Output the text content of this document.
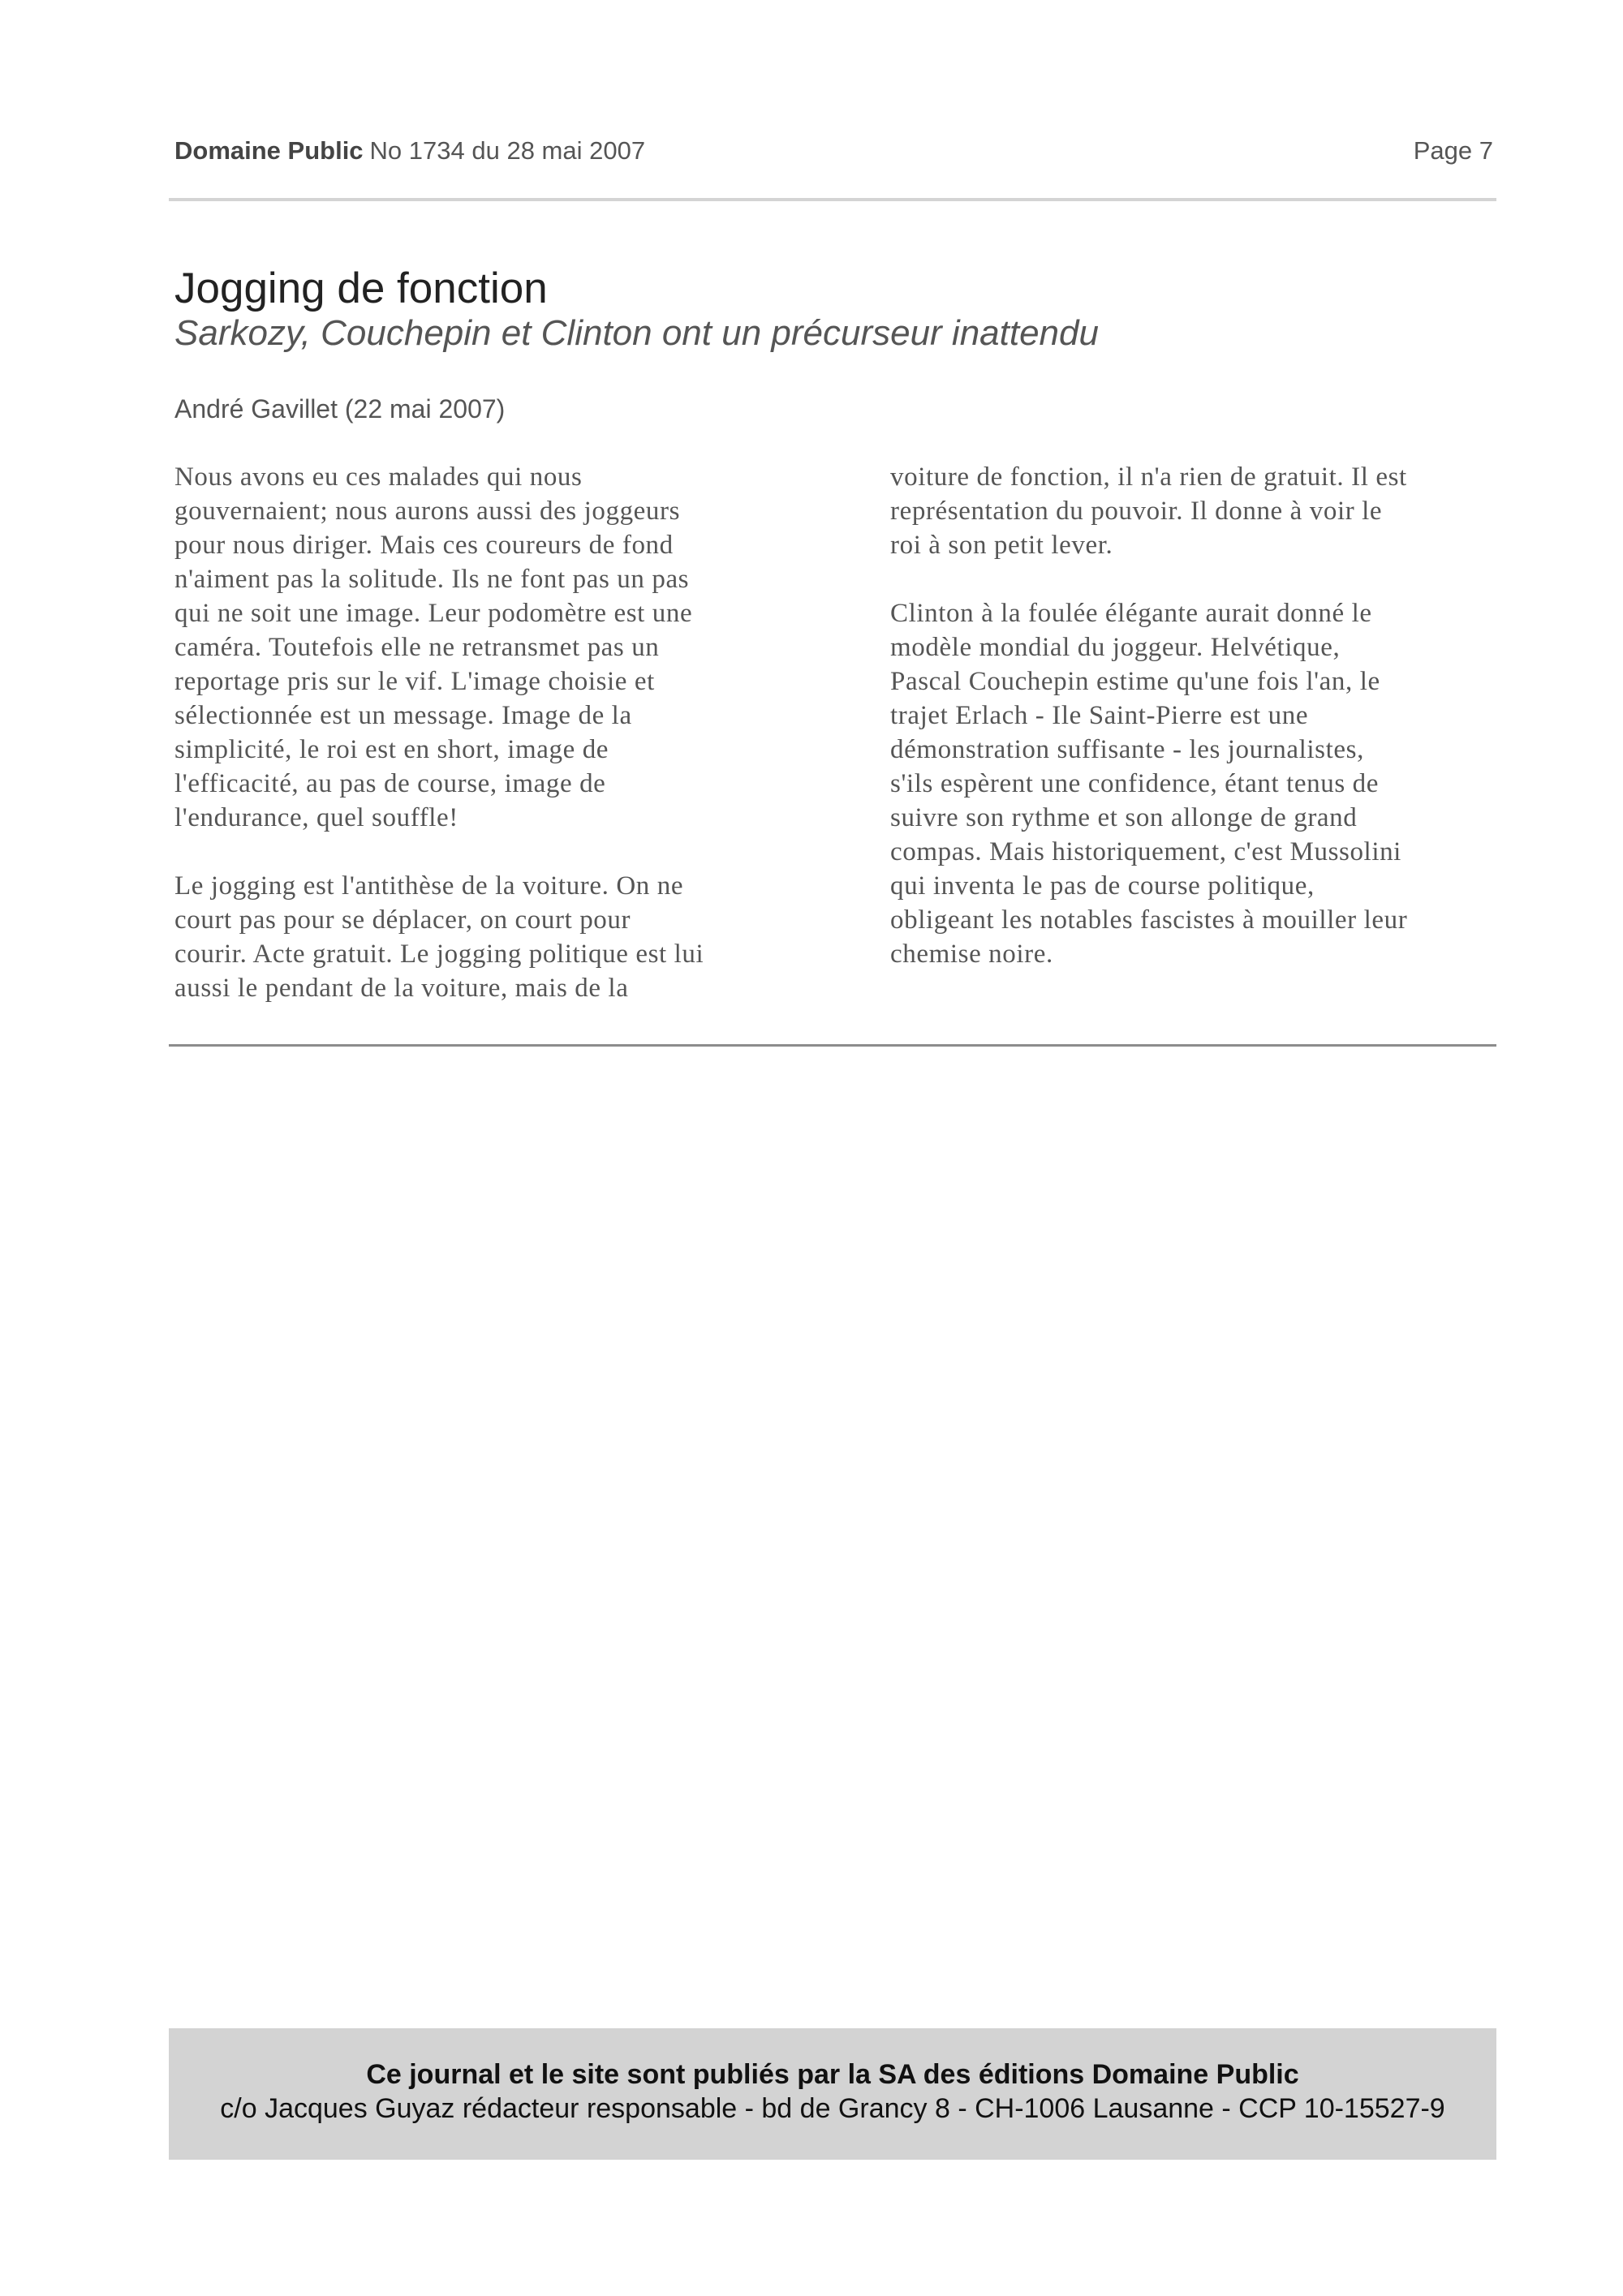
Domaine Public No 1734 du 28 mai 2007	Page 7
Jogging de fonction
Sarkozy, Couchepin et Clinton ont un précurseur inattendu
André Gavillet (22 mai 2007)
Nous avons eu ces malades qui nous
gouvernaient; nous aurons aussi des joggeurs
pour nous diriger. Mais ces coureurs de fond
n'aiment pas la solitude. Ils ne font pas un pas
qui ne soit une image. Leur podomètre est une
caméra. Toutefois elle ne retransmet pas un
reportage pris sur le vif. L'image choisie et
sélectionnée est un message. Image de la
simplicité, le roi est en short, image de
l'efficacité, au pas de course, image de
l'endurance, quel souffle!
Le jogging est l'antithèse de la voiture. On ne
court pas pour se déplacer, on court pour
courir. Acte gratuit. Le jogging politique est lui
aussi le pendant de la voiture, mais de la
voiture de fonction, il n'a rien de gratuit. Il est
représentation du pouvoir. Il donne à voir le
roi à son petit lever.
Clinton à la foulée élégante aurait donné le
modèle mondial du joggeur. Helvétique,
Pascal Couchepin estime qu'une fois l'an, le
trajet Erlach - Ile Saint-Pierre est une
démonstration suffisante - les journalistes,
s'ils espèrent une confidence, étant tenus de
suivre son rythme et son allonge de grand
compas. Mais historiquement, c'est Mussolini
qui inventa le pas de course politique,
obligeant les notables fascistes à mouiller leur
chemise noire.
Ce journal et le site sont publiés par la SA des éditions Domaine Public
c/o Jacques Guyaz rédacteur responsable - bd de Grancy 8 - CH-1006 Lausanne - CCP 10-15527-9
